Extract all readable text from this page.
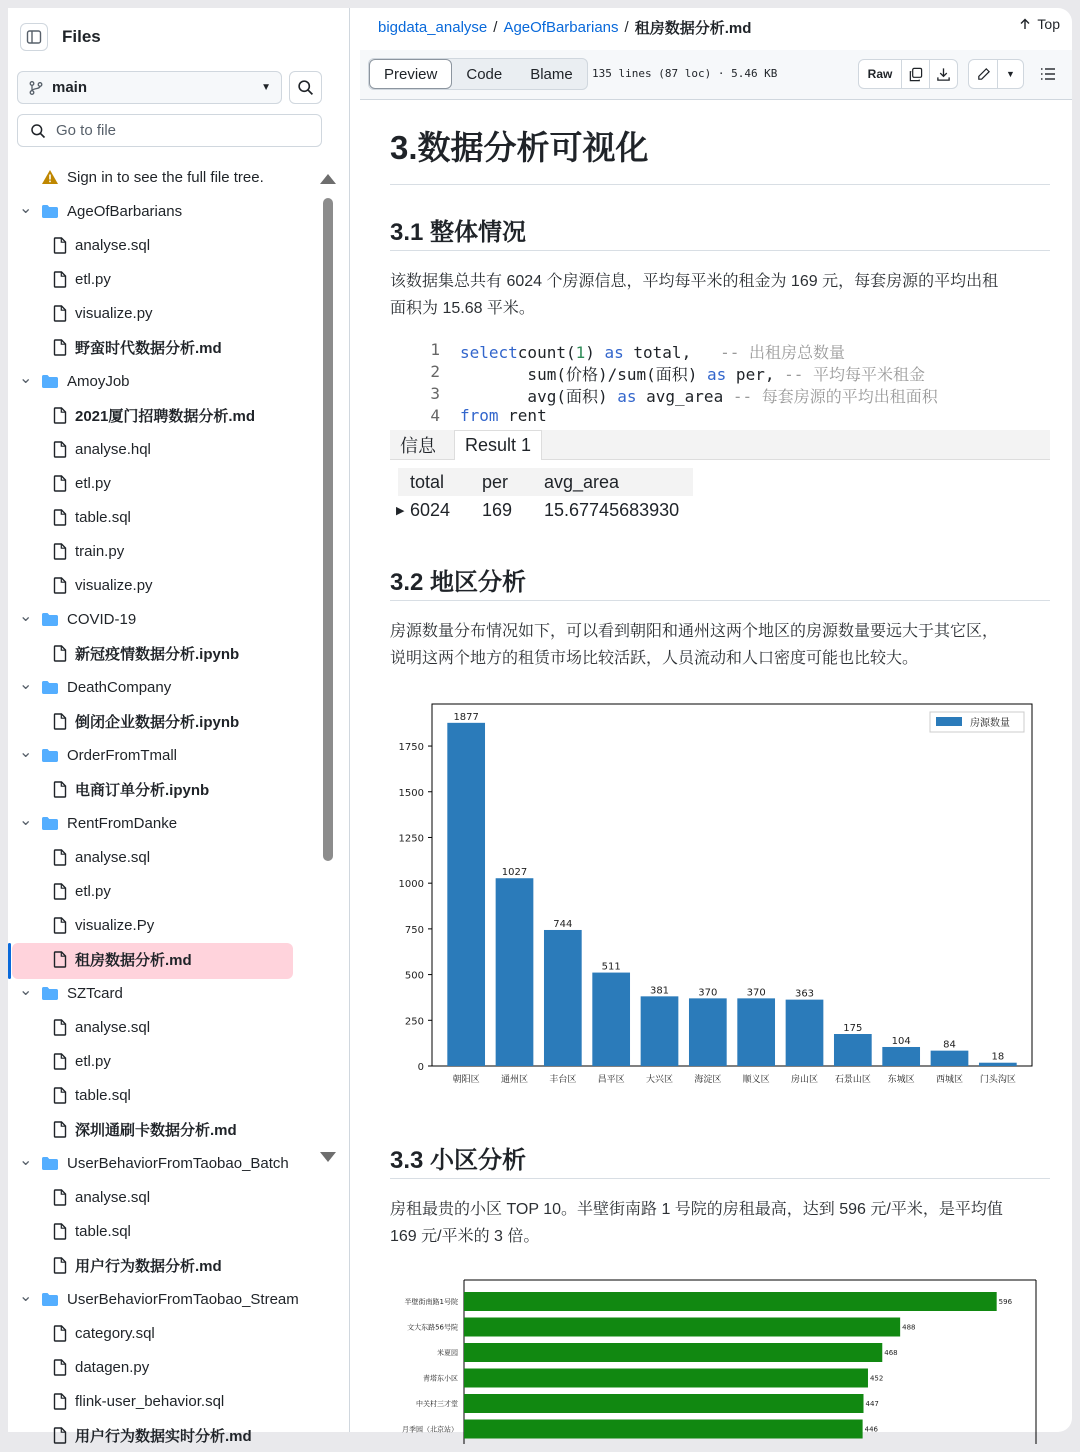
Files
main	▼
Go to file
Sign in to see the full file tree.
⌄ AgeOfBarbarians
analyse.sql
etl.py
visualize.py
野蛮时代数据分析.md
⌄ AmoyJob
2021厦门招聘数据分析.md
analyse.hql
etl.py
table.sql
train.py
visualize.py
⌄ COVID-19
新冠疫情数据分析.ipynb
⌄ DeathCompany
倒闭企业数据分析.ipynb
⌄ OrderFromTmall
电商订单分析.ipynb
⌄ RentFromDanke
analyse.sql
etl.py
visualize.Py
租房数据分析.md
⌄ SZTcard
analyse.sql
etl.py
table.sql
深圳通刷卡数据分析.md
⌄ UserBehaviorFromTaobao_Batch
analyse.sql
table.sql
用户行为数据分析.md
⌄ UserBehaviorFromTaobao_Stream
category.sql
datagen.py
flink-user_behavior.sql
用户行为数据实时分析.md
bigdata_analyse / AgeOfBarbarians / 租房数据分析.md	Top
Preview	Code	Blame	135 lines (87 loc) · 5.46 KB	Raw	▼
3.数据分析可视化
3.1 整体情况
该数据集总共有 6024 个房源信息，平均每平米的租金为 169 元，每套房源的平均出租
面积为 15.68 平米。
1 selectcount(1) as total,   -- 出租房总数量
2 sum(价格)/sum(面积) as per, -- 平均每平米租金
3 avg(面积) as avg_area -- 每套房源的平均出租面积
4 from rent
信息	Result 1
total per avg_area
▶ 6024 169 15.67745683930
3.2 地区分析
房源数量分布情况如下，可以看到朝阳和通州这两个地区的房源数量要远大于其它区，
说明这两个地方的租赁市场比较活跃，人员流动和人口密度可能也比较大。
0
250
500
750
1000
1250
1500
1750
1877
朝阳区
1027
通州区
744
丰台区
511
昌平区
381
大兴区
370
海淀区
370
顺义区
363
房山区
175
石景山区
104
东城区
84
西城区
18
门头沟区
房源数量
3.3 小区分析
房租最贵的小区 TOP 10。半壁街南路 1 号院的房租最高，达到 596 元/平米，是平均值
169 元/平米的 3 倍。
596
半壁街南路1号院
488
文大东路56号院
468
米夏园
452
青塔东小区
447
中关村三才堂
446
月季园（北京站）
